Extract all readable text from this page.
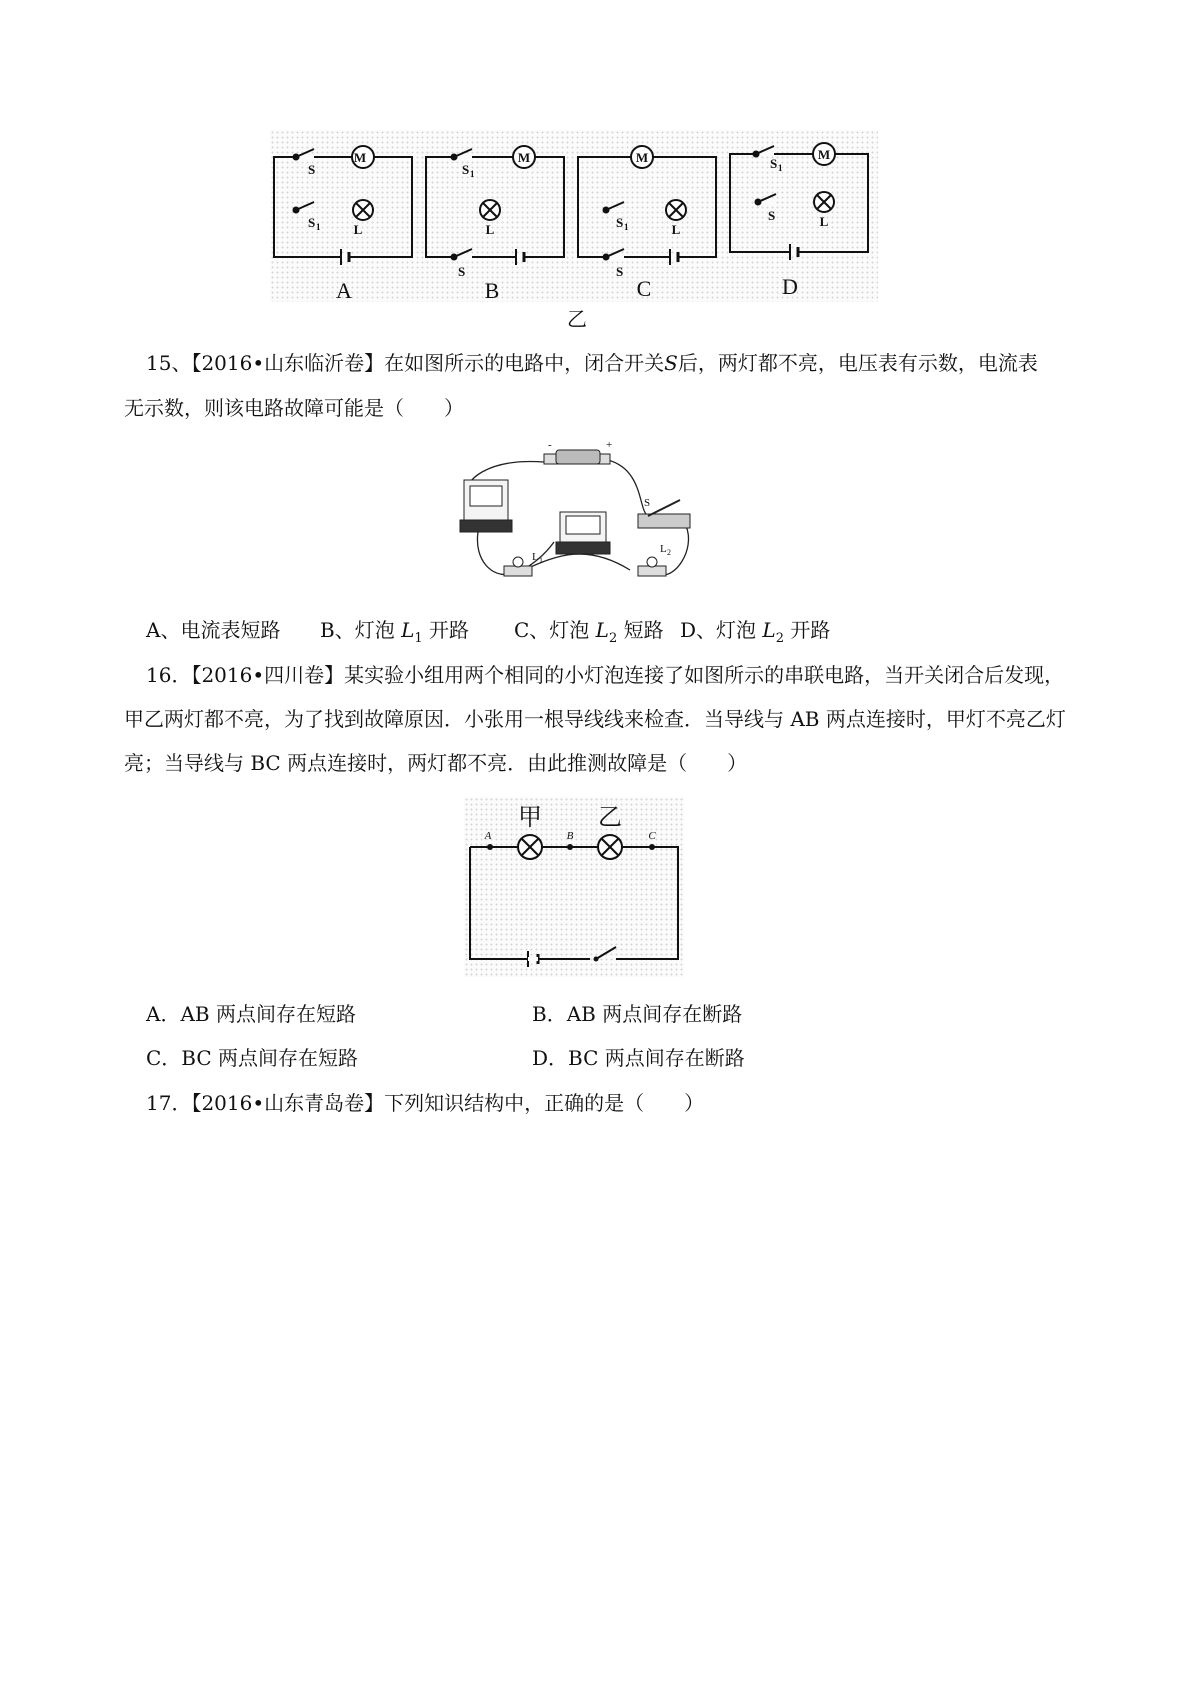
M
S
S 1	L
M
S 1
L
S
M
S 1	L
S
M
S 1
S	L
A	B	C	D
乙
15、【2016•山东临沂卷】在如图所示的电路中，闭合开关S后，两灯都不亮，电压表有示数，电流表
无示数，则该电路故障可能是（　　）
-	+
S
L 1
L 2
A、电流表短路 B、灯泡 $L_1$ 开路 C、灯泡 $L_2$ 短路 D、灯泡 $L_2$ 开路
16．【2016•四川卷】某实验小组用两个相同的小灯泡连接了如图所示的串联电路，当开关闭合后发现，
甲乙两灯都不亮，为了找到故障原因．小张用一根导线线来检查．当导线与 AB 两点连接时，甲灯不亮乙灯
亮；当导线与 BC 两点连接时，两灯都不亮．由此推测故障是（　　）
甲 乙
A	B	C
A．AB 两点间存在短路	B．AB 两点间存在断路
C．BC 两点间存在短路	D．BC 两点间存在断路
17．【2016•山东青岛卷】下列知识结构中，正确的是（　　）
